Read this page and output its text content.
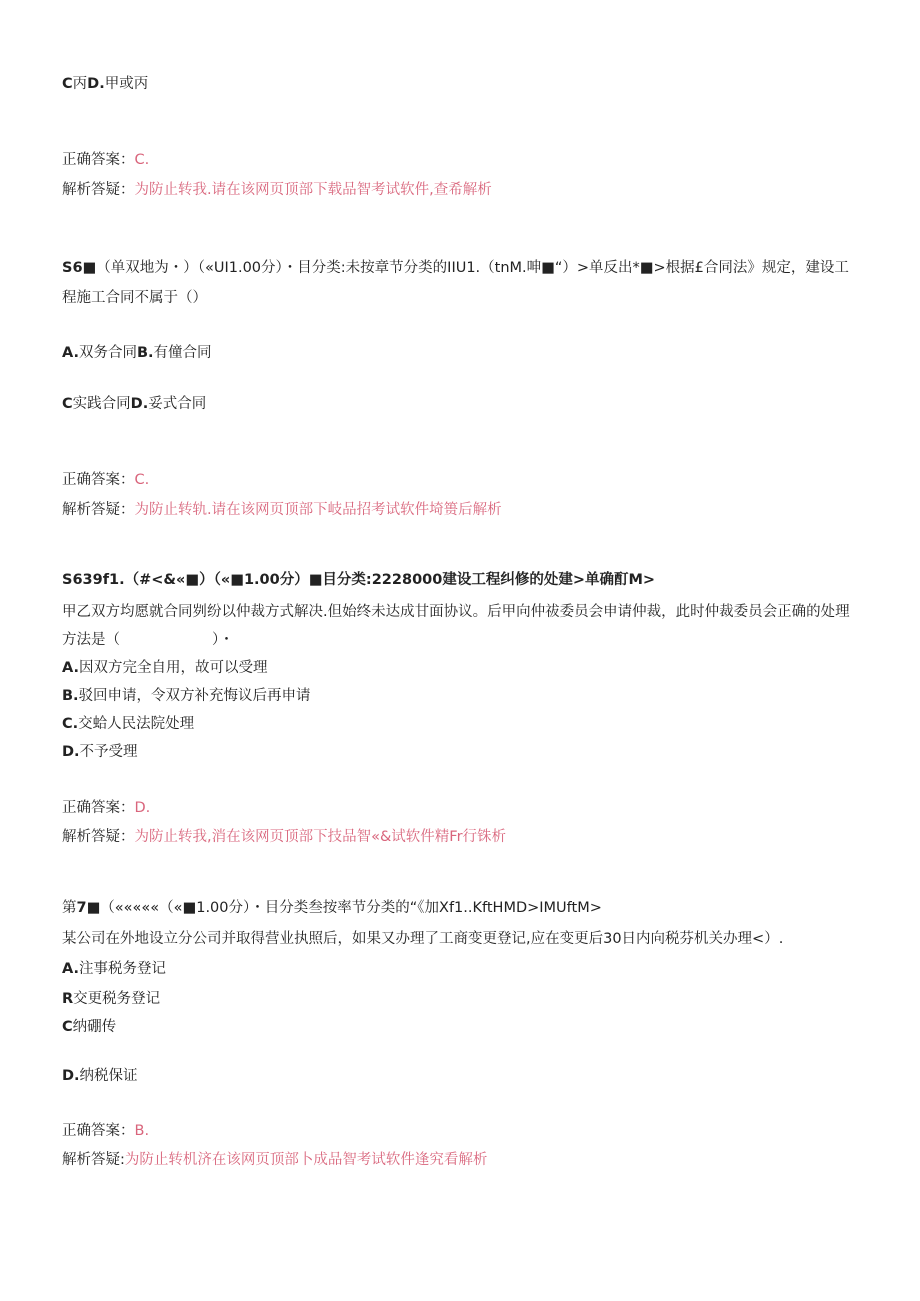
C丙D.甲或丙
正确答案：C.
解析答疑：为防止转我.请在该网页顶部下载品智考试软件,查希解析
S6■（单双地为・）（«UI1.00分）・目分类:未按章节分类的IIU1.（tnM.呻■“）>单反出*■>根据£合同法》规定，建设工程施工合同不属于（）
A.双务合同B.有僮合同
C实践合同D.妥式合同
正确答案：C.
解析答疑：为防止转轨.请在该网页顶部下岐品招考试软件埼篑后解析
S639f1.（#<&«■）（«■1.00分）■目分类:2228000建设工程纠修的处建>单确酊M>
甲乙双方均愿就合同刿纷以仲裁方式解决.但始终未达成甘面协议。后甲向仲祓委员会申请仲裁，此时仲裁委员会正确的处理方法是（	）・
A.因双方完全自用，故可以受理
B.驳回申请，令双方补充悔议后再申请
C.交蛤人民法院处理
D.不予受理
正确答案：D.
解析答疑：为防止转我,消在该网页顶部下技品智«&试软件精Fr行铢析
第7■（«««««（«■1.00分）・目分类叁按率节分类的“《加Xf1..KftHMD>IMUftM>
某公司在外地设立分公司并取得营业执照后，如果又办理了工商变更登记,应在变更后30日内向税芬机关办理<）.
A.注事税务登记
R交更税务登记
C纳硼传
D.纳税保证
正确答案：B.
解析答疑:为防止转机济在该网页顶部卜成品智考试软件逢究看解析
